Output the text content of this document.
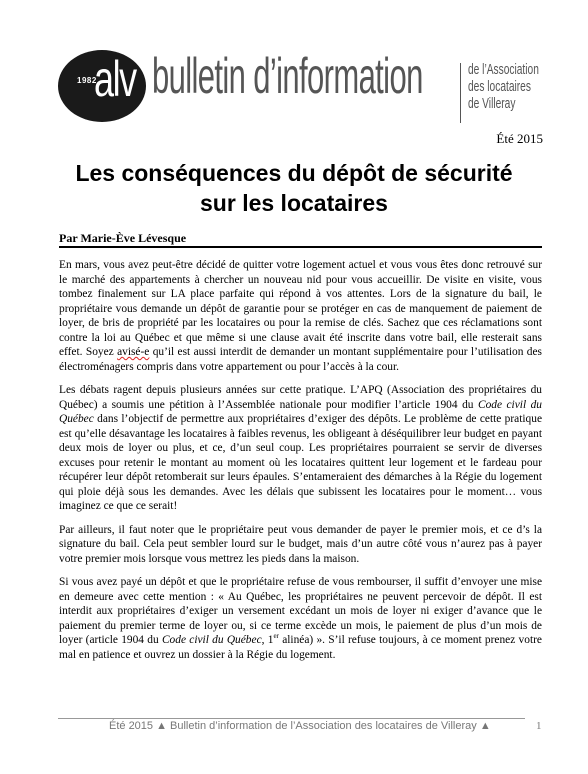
1982
alv bulletin d’information	de l’Association
des locataires
de Villeray
Été 2015
Les conséquences du dépôt de sécurité sur les locataires
Par Marie-Ève Lévesque

En mars, vous avez peut-être décidé de quitter votre logement actuel et vous vous êtes donc retrouvé sur le marché des appartements à chercher un nouveau nid pour vous accueillir. De visite en visite, vous tombez finalement sur LA place parfaite qui répond à vos attentes. Lors de la signature du bail, le propriétaire vous demande un dépôt de garantie pour se protéger en cas de manquement de paiement de loyer, de bris de propriété par les locataires ou pour la remise de clés. Sachez que ces réclamations sont contre la loi au Québec et que même si une clause avait été inscrite dans votre bail, elle resterait sans effet. Soyez avisé-e qu’il est aussi interdit de demander un montant supplémentaire pour l’utilisation des électroménagers compris dans votre appartement ou pour l’accès à la cour.

Les débats ragent depuis plusieurs années sur cette pratique. L’APQ (Association des propriétaires du Québec) a soumis une pétition à l’Assemblée nationale pour modifier l’article 1904 du Code civil du Québec dans l’objectif de permettre aux propriétaires d’exiger des dépôts. Le problème de cette pratique est qu’elle désavantage les locataires à faibles revenus, les obligeant à déséquilibrer leur budget en payant deux mois de loyer ou plus, et ce, d’un seul coup. Les propriétaires pourraient se servir de diverses excuses pour retenir le montant au moment où les locataires quittent leur logement et le fardeau pour récupérer leur dépôt retomberait sur leurs épaules. S’entameraient des démarches à la Régie du logement qui ploie déjà sous les demandes. Avec les délais que subissent les locataires pour le moment… vous imaginez ce que ce serait!

Par ailleurs, il faut noter que le propriétaire peut vous demander de payer le premier mois, et ce d’s la signature du bail. Cela peut sembler lourd sur le budget, mais d’un autre côté vous n’aurez pas à payer votre premier mois lorsque vous mettrez les pieds dans la maison.

Si vous avez payé un dépôt et que le propriétaire refuse de vous rembourser, il suffit d’envoyer une mise en demeure avec cette mention : « Au Québec, les propriétaires ne peuvent percevoir de dépôt. Il est interdit aux propriétaires d’exiger un versement excédant un mois de loyer ni exiger d’avance que le paiement du premier terme de loyer ou, si ce terme excède un mois, le paiement de plus d’un mois de loyer (article 1904 du Code civil du Québec, 1er alinéa) ». S’il refuse toujours, à ce moment prenez votre mal en patience et ouvrez un dossier à la Régie du logement.

Été 2015 ▲ Bulletin d’information de l’Association des locataires de Villeray ▲	1
